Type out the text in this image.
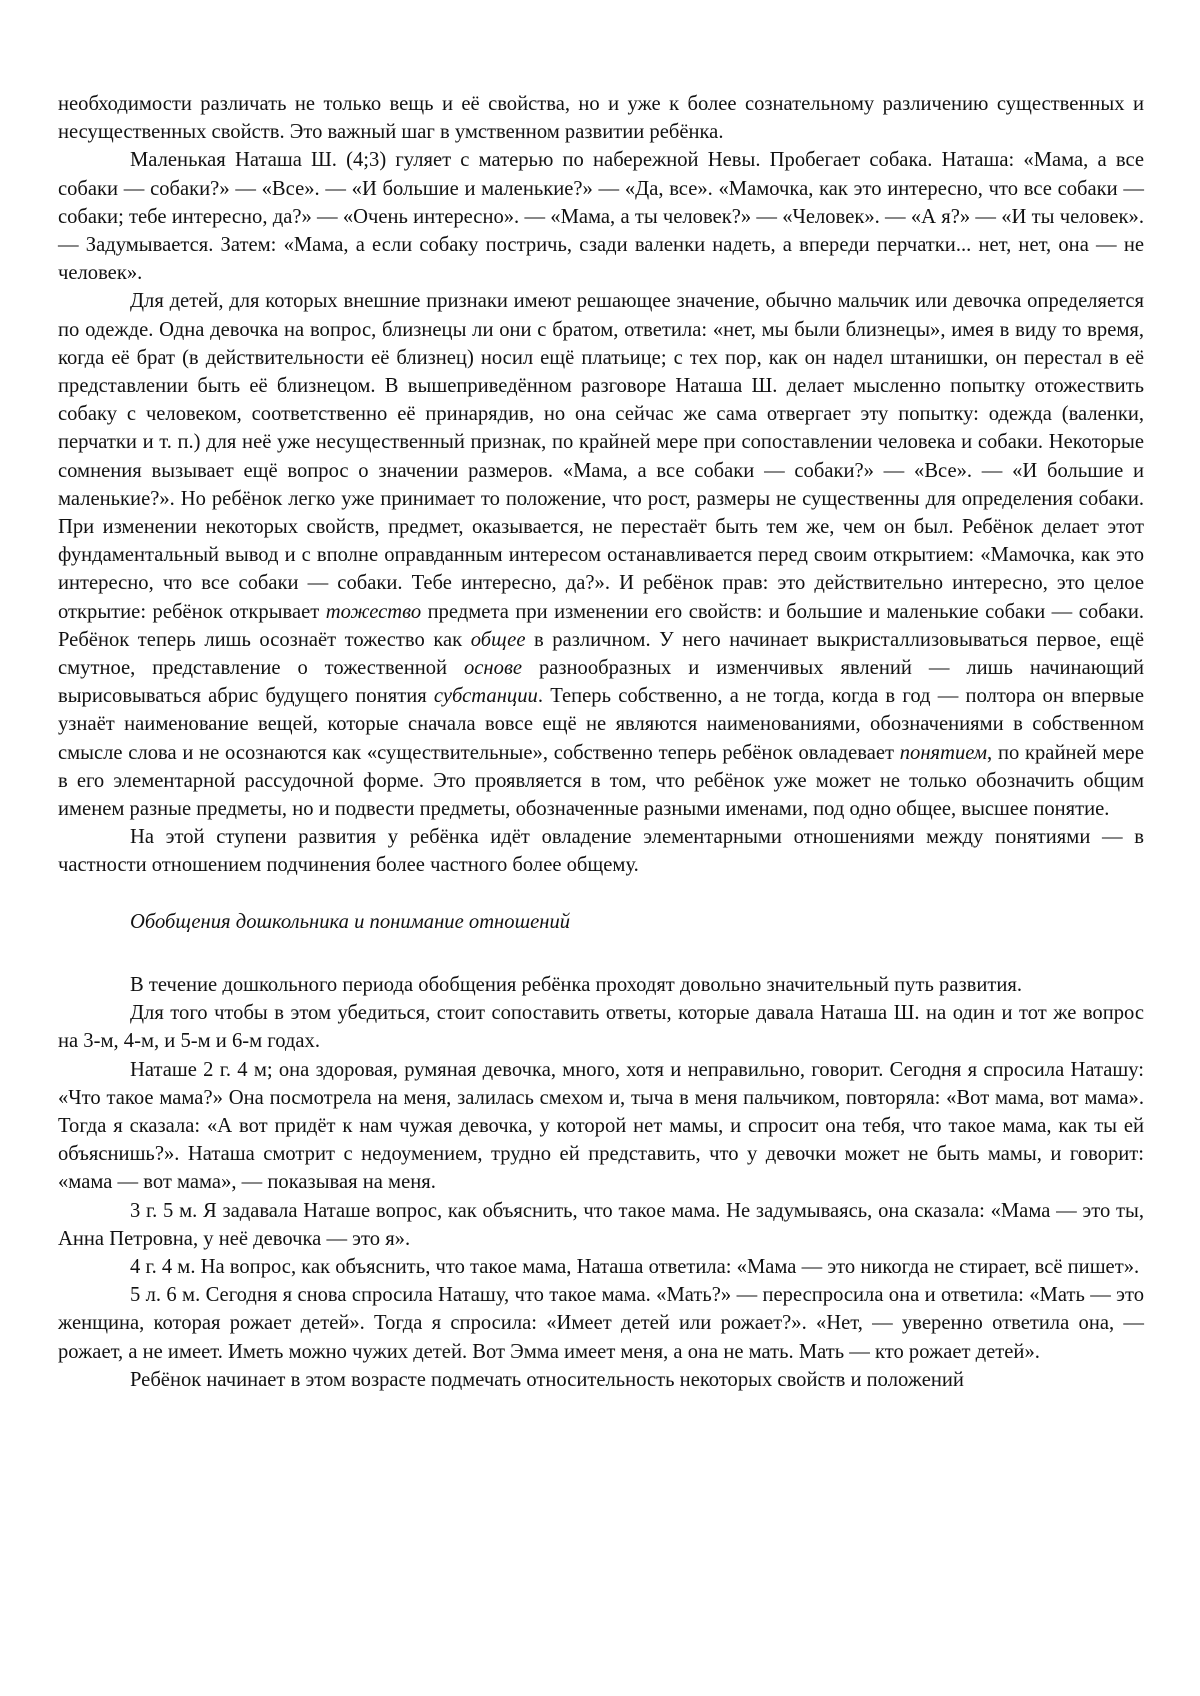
необходимости различать не только вещь и её свойства, но и уже к более сознательному различению существенных и несущественных свойств. Это важный шаг в умственном развитии ребёнка.

Маленькая Наташа Ш. (4;3) гуляет с матерью по набережной Невы. Пробегает собака. Наташа: «Мама, а все собаки — собаки?» — «Все». — «И большие и маленькие?» — «Да, все». «Мамочка, как это интересно, что все собаки — собаки; тебе интересно, да?» — «Очень интересно». — «Мама, а ты человек?» — «Человек». — «А я?» — «И ты человек». — Задумывается. Затем: «Мама, а если собаку постричь, сзади валенки надеть, а впереди перчатки... нет, нет, она — не человек».

Для детей, для которых внешние признаки имеют решающее значение, обычно мальчик или девочка определяется по одежде. Одна девочка на вопрос, близнецы ли они с братом, ответила: «нет, мы были близнецы», имея в виду то время, когда её брат (в действительности её близнец) носил ещё платьице; с тех пор, как он надел штанишки, он перестал в её представлении быть её близнецом. В вышеприведённом разговоре Наташа Ш. делает мысленно попытку отожествить собаку с человеком, соответственно её принарядив, но она сейчас же сама отвергает эту попытку: одежда (валенки, перчатки и т. п.) для неё уже несущественный признак, по крайней мере при сопоставлении человека и собаки. Некоторые сомнения вызывает ещё вопрос о значении размеров. «Мама, а все собаки — собаки?» — «Все». — «И большие и маленькие?». Но ребёнок легко уже принимает то положение, что рост, размеры не существенны для определения собаки. При изменении некоторых свойств, предмет, оказывается, не перестаёт быть тем же, чем он был. Ребёнок делает этот фундаментальный вывод и с вполне оправданным интересом останавливается перед своим открытием: «Мамочка, как это интересно, что все собаки — собаки. Тебе интересно, да?». И ребёнок прав: это действительно интересно, это целое открытие: ребёнок открывает тожество предмета при изменении его свойств: и большие и маленькие собаки — собаки. Ребёнок теперь лишь осознаёт тожество как общее в различном. У него начинает выкристаллизовываться первое, ещё смутное, представление о тожественной основе разнообразных и изменчивых явлений — лишь начинающий вырисовываться абрис будущего понятия субстанции. Теперь собственно, а не тогда, когда в год — полтора он впервые узнаёт наименование вещей, которые сначала вовсе ещё не являются наименованиями, обозначениями в собственном смысле слова и не осознаются как «существительные», собственно теперь ребёнок овладевает понятием, по крайней мере в его элементарной рассудочной форме. Это проявляется в том, что ребёнок уже может не только обозначить общим именем разные предметы, но и подвести предметы, обозначенные разными именами, под одно общее, высшее понятие.

На этой ступени развития у ребёнка идёт овладение элементарными отношениями между понятиями — в частности отношением подчинения более частного более общему.

Обобщения дошкольника и понимание отношений

В течение дошкольного периода обобщения ребёнка проходят довольно значительный путь развития.

Для того чтобы в этом убедиться, стоит сопоставить ответы, которые давала Наташа Ш. на один и тот же вопрос на 3-м, 4-м, и 5-м и 6-м годах.

Наташе 2 г. 4 м; она здоровая, румяная девочка, много, хотя и неправильно, говорит. Сегодня я спросила Наташу: «Что такое мама?» Она посмотрела на меня, залилась смехом и, тыча в меня пальчиком, повторяла: «Вот мама, вот мама». Тогда я сказала: «А вот придёт к нам чужая девочка, у которой нет мамы, и спросит она тебя, что такое мама, как ты ей объяснишь?». Наташа смотрит с недоумением, трудно ей представить, что у девочки может не быть мамы, и говорит: «мама — вот мама», — показывая на меня.

3 г. 5 м. Я задавала Наташе вопрос, как объяснить, что такое мама. Не задумываясь, она сказала: «Мама — это ты, Анна Петровна, у неё девочка — это я».

4 г. 4 м. На вопрос, как объяснить, что такое мама, Наташа ответила: «Мама — это никогда не стирает, всё пишет».

5 л. 6 м. Сегодня я снова спросила Наташу, что такое мама. «Мать?» — переспросила она и ответила: «Мать — это женщина, которая рожает детей». Тогда я спросила: «Имеет детей или рожает?». «Нет, — уверенно ответила она, — рожает, а не имеет. Иметь можно чужих детей. Вот Эмма имеет меня, а она не мать. Мать — кто рожает детей».

Ребёнок начинает в этом возрасте подмечать относительность некоторых свойств и положений
